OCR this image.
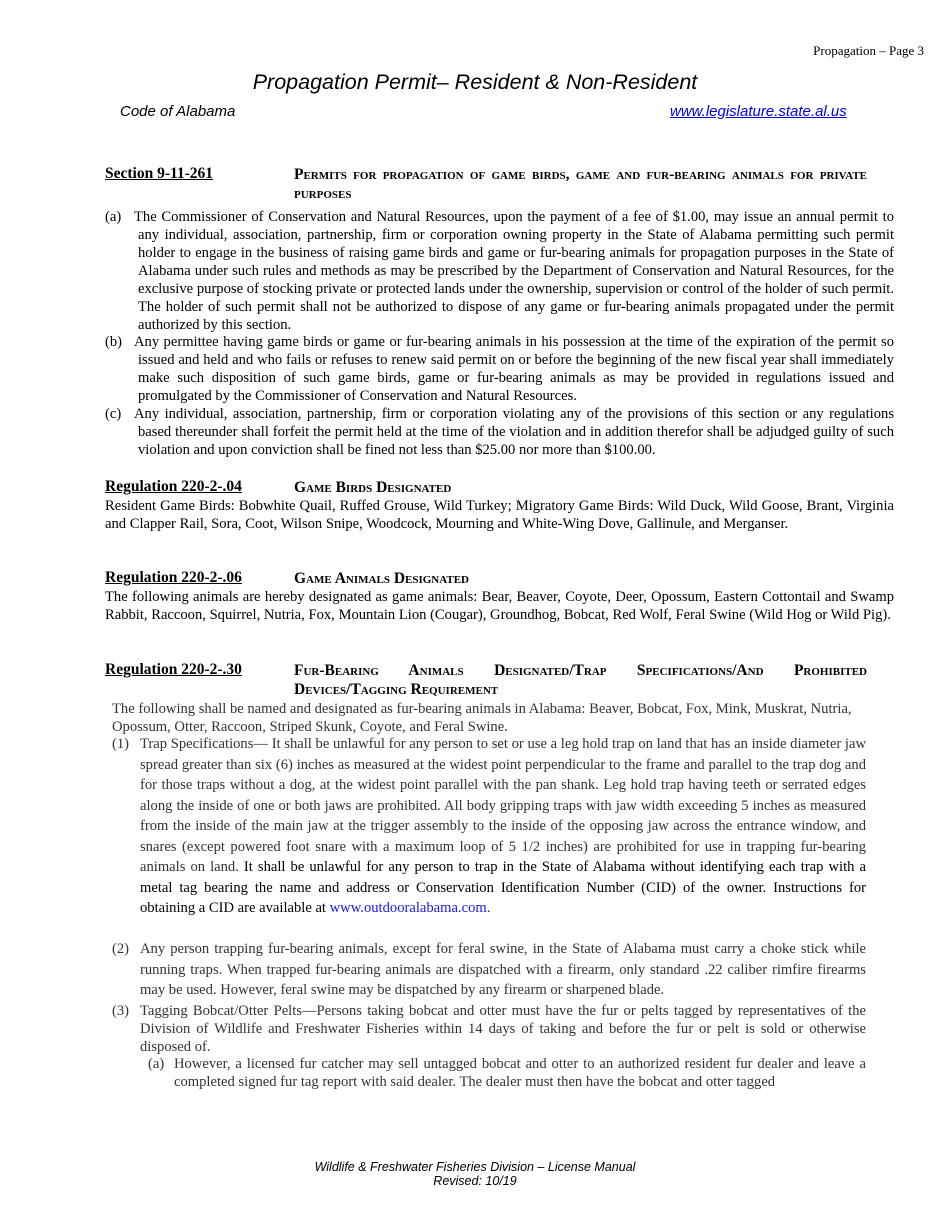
Propagation – Page 3
Propagation Permit– Resident & Non-Resident
Code of Alabama	www.legislature.state.al.us
Section 9-11-261	Permits for propagation of game birds, game and fur-bearing animals for private purposes
(a) The Commissioner of Conservation and Natural Resources, upon the payment of a fee of $1.00, may issue an annual permit to any individual, association, partnership, firm or corporation owning property in the State of Alabama permitting such permit holder to engage in the business of raising game birds and game or fur-bearing animals for propagation purposes in the State of Alabama under such rules and methods as may be prescribed by the Department of Conservation and Natural Resources, for the exclusive purpose of stocking private or protected lands under the ownership, supervision or control of the holder of such permit. The holder of such permit shall not be authorized to dispose of any game or fur-bearing animals propagated under the permit authorized by this section.
(b) Any permittee having game birds or game or fur-bearing animals in his possession at the time of the expiration of the permit so issued and held and who fails or refuses to renew said permit on or before the beginning of the new fiscal year shall immediately make such disposition of such game birds, game or fur-bearing animals as may be provided in regulations issued and promulgated by the Commissioner of Conservation and Natural Resources.
(c) Any individual, association, partnership, firm or corporation violating any of the provisions of this section or any regulations based thereunder shall forfeit the permit held at the time of the violation and in addition therefor shall be adjudged guilty of such violation and upon conviction shall be fined not less than $25.00 nor more than $100.00.
Regulation 220-2-.04	Game Birds Designated
Resident Game Birds: Bobwhite Quail, Ruffed Grouse, Wild Turkey; Migratory Game Birds: Wild Duck, Wild Goose, Brant, Virginia and Clapper Rail, Sora, Coot, Wilson Snipe, Woodcock, Mourning and White-Wing Dove, Gallinule, and Merganser.
Regulation 220-2-.06	Game Animals Designated
The following animals are hereby designated as game animals: Bear, Beaver, Coyote, Deer, Opossum, Eastern Cottontail and Swamp Rabbit, Raccoon, Squirrel, Nutria, Fox, Mountain Lion (Cougar), Groundhog, Bobcat, Red Wolf, Feral Swine (Wild Hog or Wild Pig).
Regulation 220-2-.30	Fur-Bearing Animals Designated/Trap Specifications/And Prohibited Devices/Tagging Requirement
The following shall be named and designated as fur-bearing animals in Alabama: Beaver, Bobcat, Fox, Mink, Muskrat, Nutria, Opossum, Otter, Raccoon, Striped Skunk, Coyote, and Feral Swine.
(1) Trap Specifications— It shall be unlawful for any person to set or use a leg hold trap on land that has an inside diameter jaw spread greater than six (6) inches as measured at the widest point perpendicular to the frame and parallel to the trap dog and for those traps without a dog, at the widest point parallel with the pan shank. Leg hold trap having teeth or serrated edges along the inside of one or both jaws are prohibited. All body gripping traps with jaw width exceeding 5 inches as measured from the inside of the main jaw at the trigger assembly to the inside of the opposing jaw across the entrance window, and snares (except powered foot snare with a maximum loop of 5 1/2 inches) are prohibited for use in trapping fur-bearing animals on land. It shall be unlawful for any person to trap in the State of Alabama without identifying each trap with a metal tag bearing the name and address or Conservation Identification Number (CID) of the owner. Instructions for obtaining a CID are available at www.outdooralabama.com.
(2) Any person trapping fur-bearing animals, except for feral swine, in the State of Alabama must carry a choke stick while running traps. When trapped fur-bearing animals are dispatched with a firearm, only standard .22 caliber rimfire firearms may be used. However, feral swine may be dispatched by any firearm or sharpened blade.
(3) Tagging Bobcat/Otter Pelts—Persons taking bobcat and otter must have the fur or pelts tagged by representatives of the Division of Wildlife and Freshwater Fisheries within 14 days of taking and before the fur or pelt is sold or otherwise disposed of.
(a) However, a licensed fur catcher may sell untagged bobcat and otter to an authorized resident fur dealer and leave a completed signed fur tag report with said dealer. The dealer must then have the bobcat and otter tagged
Wildlife & Freshwater Fisheries Division – License Manual
Revised: 10/19
